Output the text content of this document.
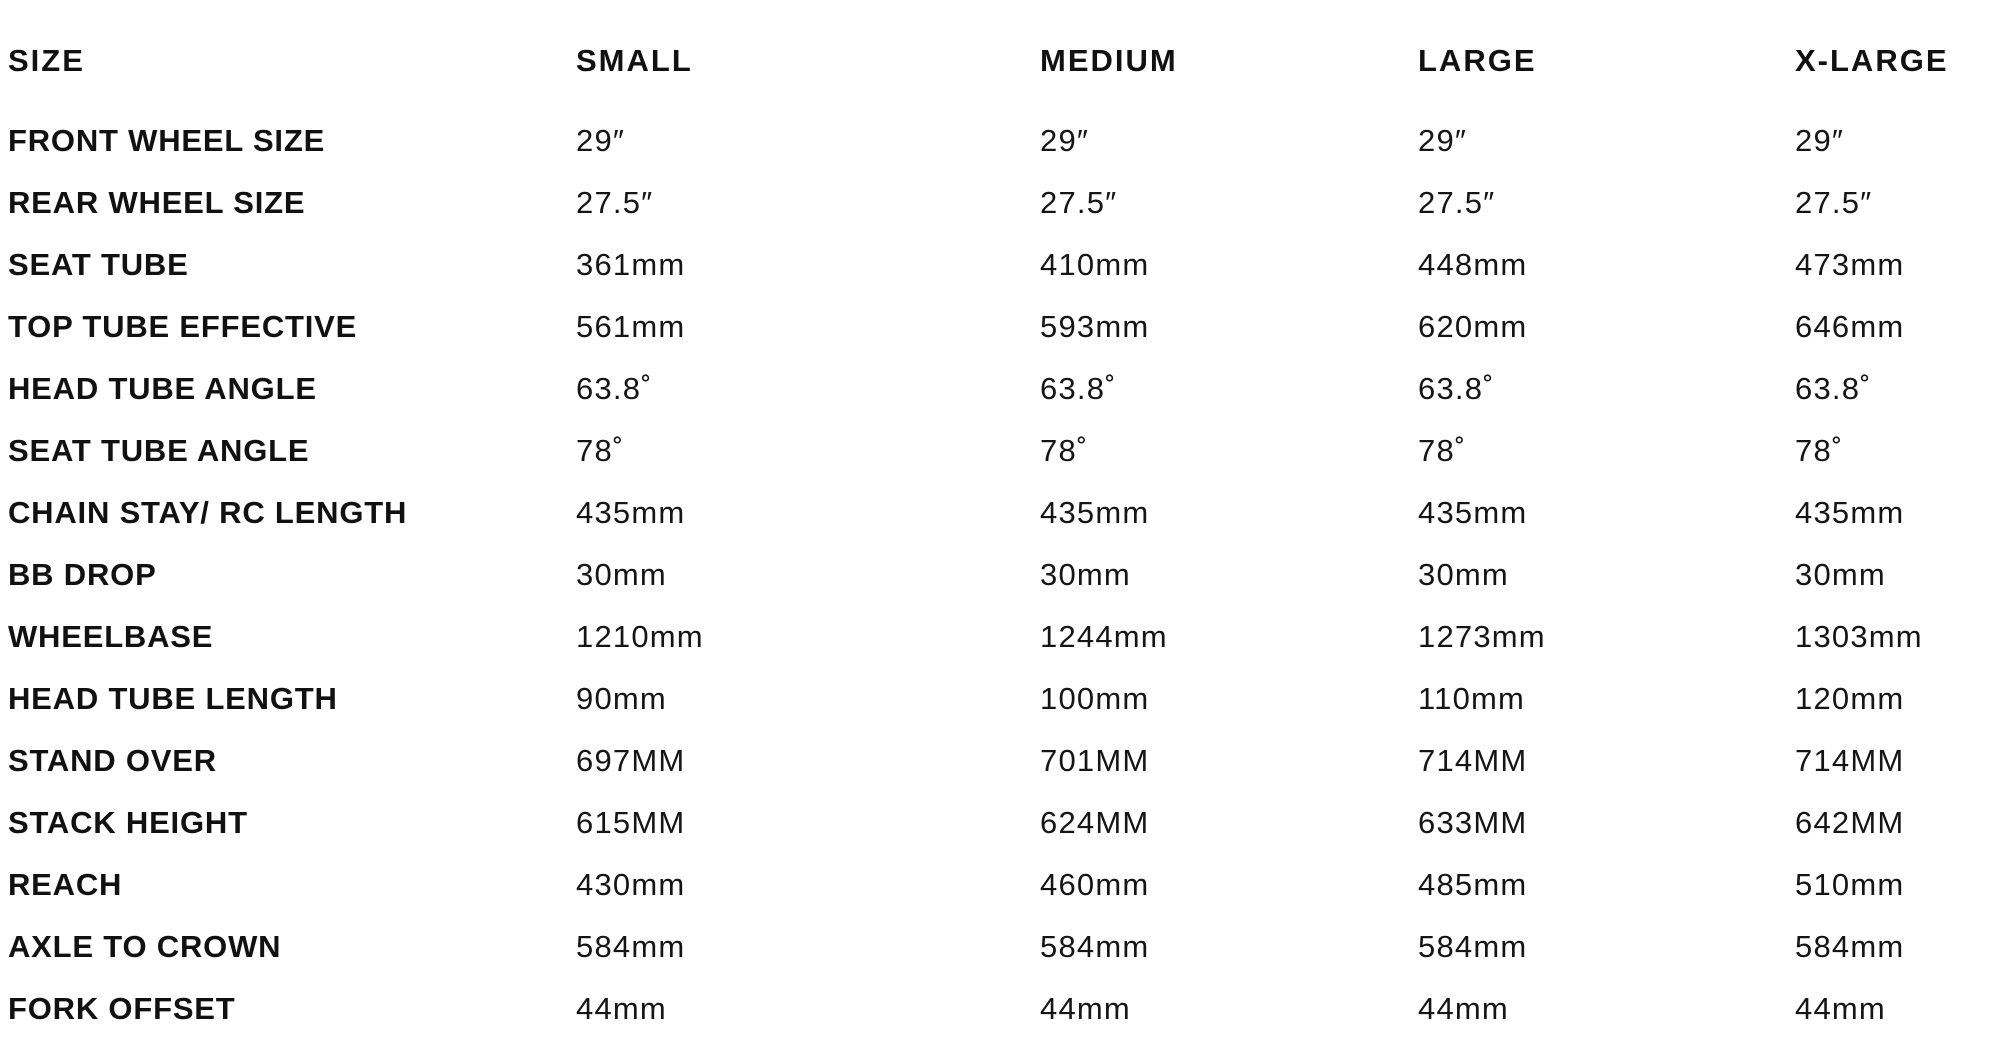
SIZE	SMALL	MEDIUM	LARGE	X-LARGE
FRONT WHEEL SIZE	29″	29″	29″	29″
REAR WHEEL SIZE	27.5″	27.5″	27.5″	27.5″
SEAT TUBE	361mm	410mm	448mm	473mm
TOP TUBE EFFECTIVE	561mm	593mm	620mm	646mm
HEAD TUBE ANGLE	63.8˚	63.8˚	63.8˚	63.8˚
SEAT TUBE ANGLE	78˚	78˚	78˚	78˚
CHAIN STAY/ RC LENGTH	435mm	435mm	435mm	435mm
BB DROP	30mm	30mm	30mm	30mm
WHEELBASE	1210mm	1244mm	1273mm	1303mm
HEAD TUBE LENGTH	90mm	100mm	110mm	120mm
STAND OVER	697MM	701MM	714MM	714MM
STACK HEIGHT	615MM	624MM	633MM	642MM
REACH	430mm	460mm	485mm	510mm
AXLE TO CROWN	584mm	584mm	584mm	584mm
FORK OFFSET	44mm	44mm	44mm	44mm
